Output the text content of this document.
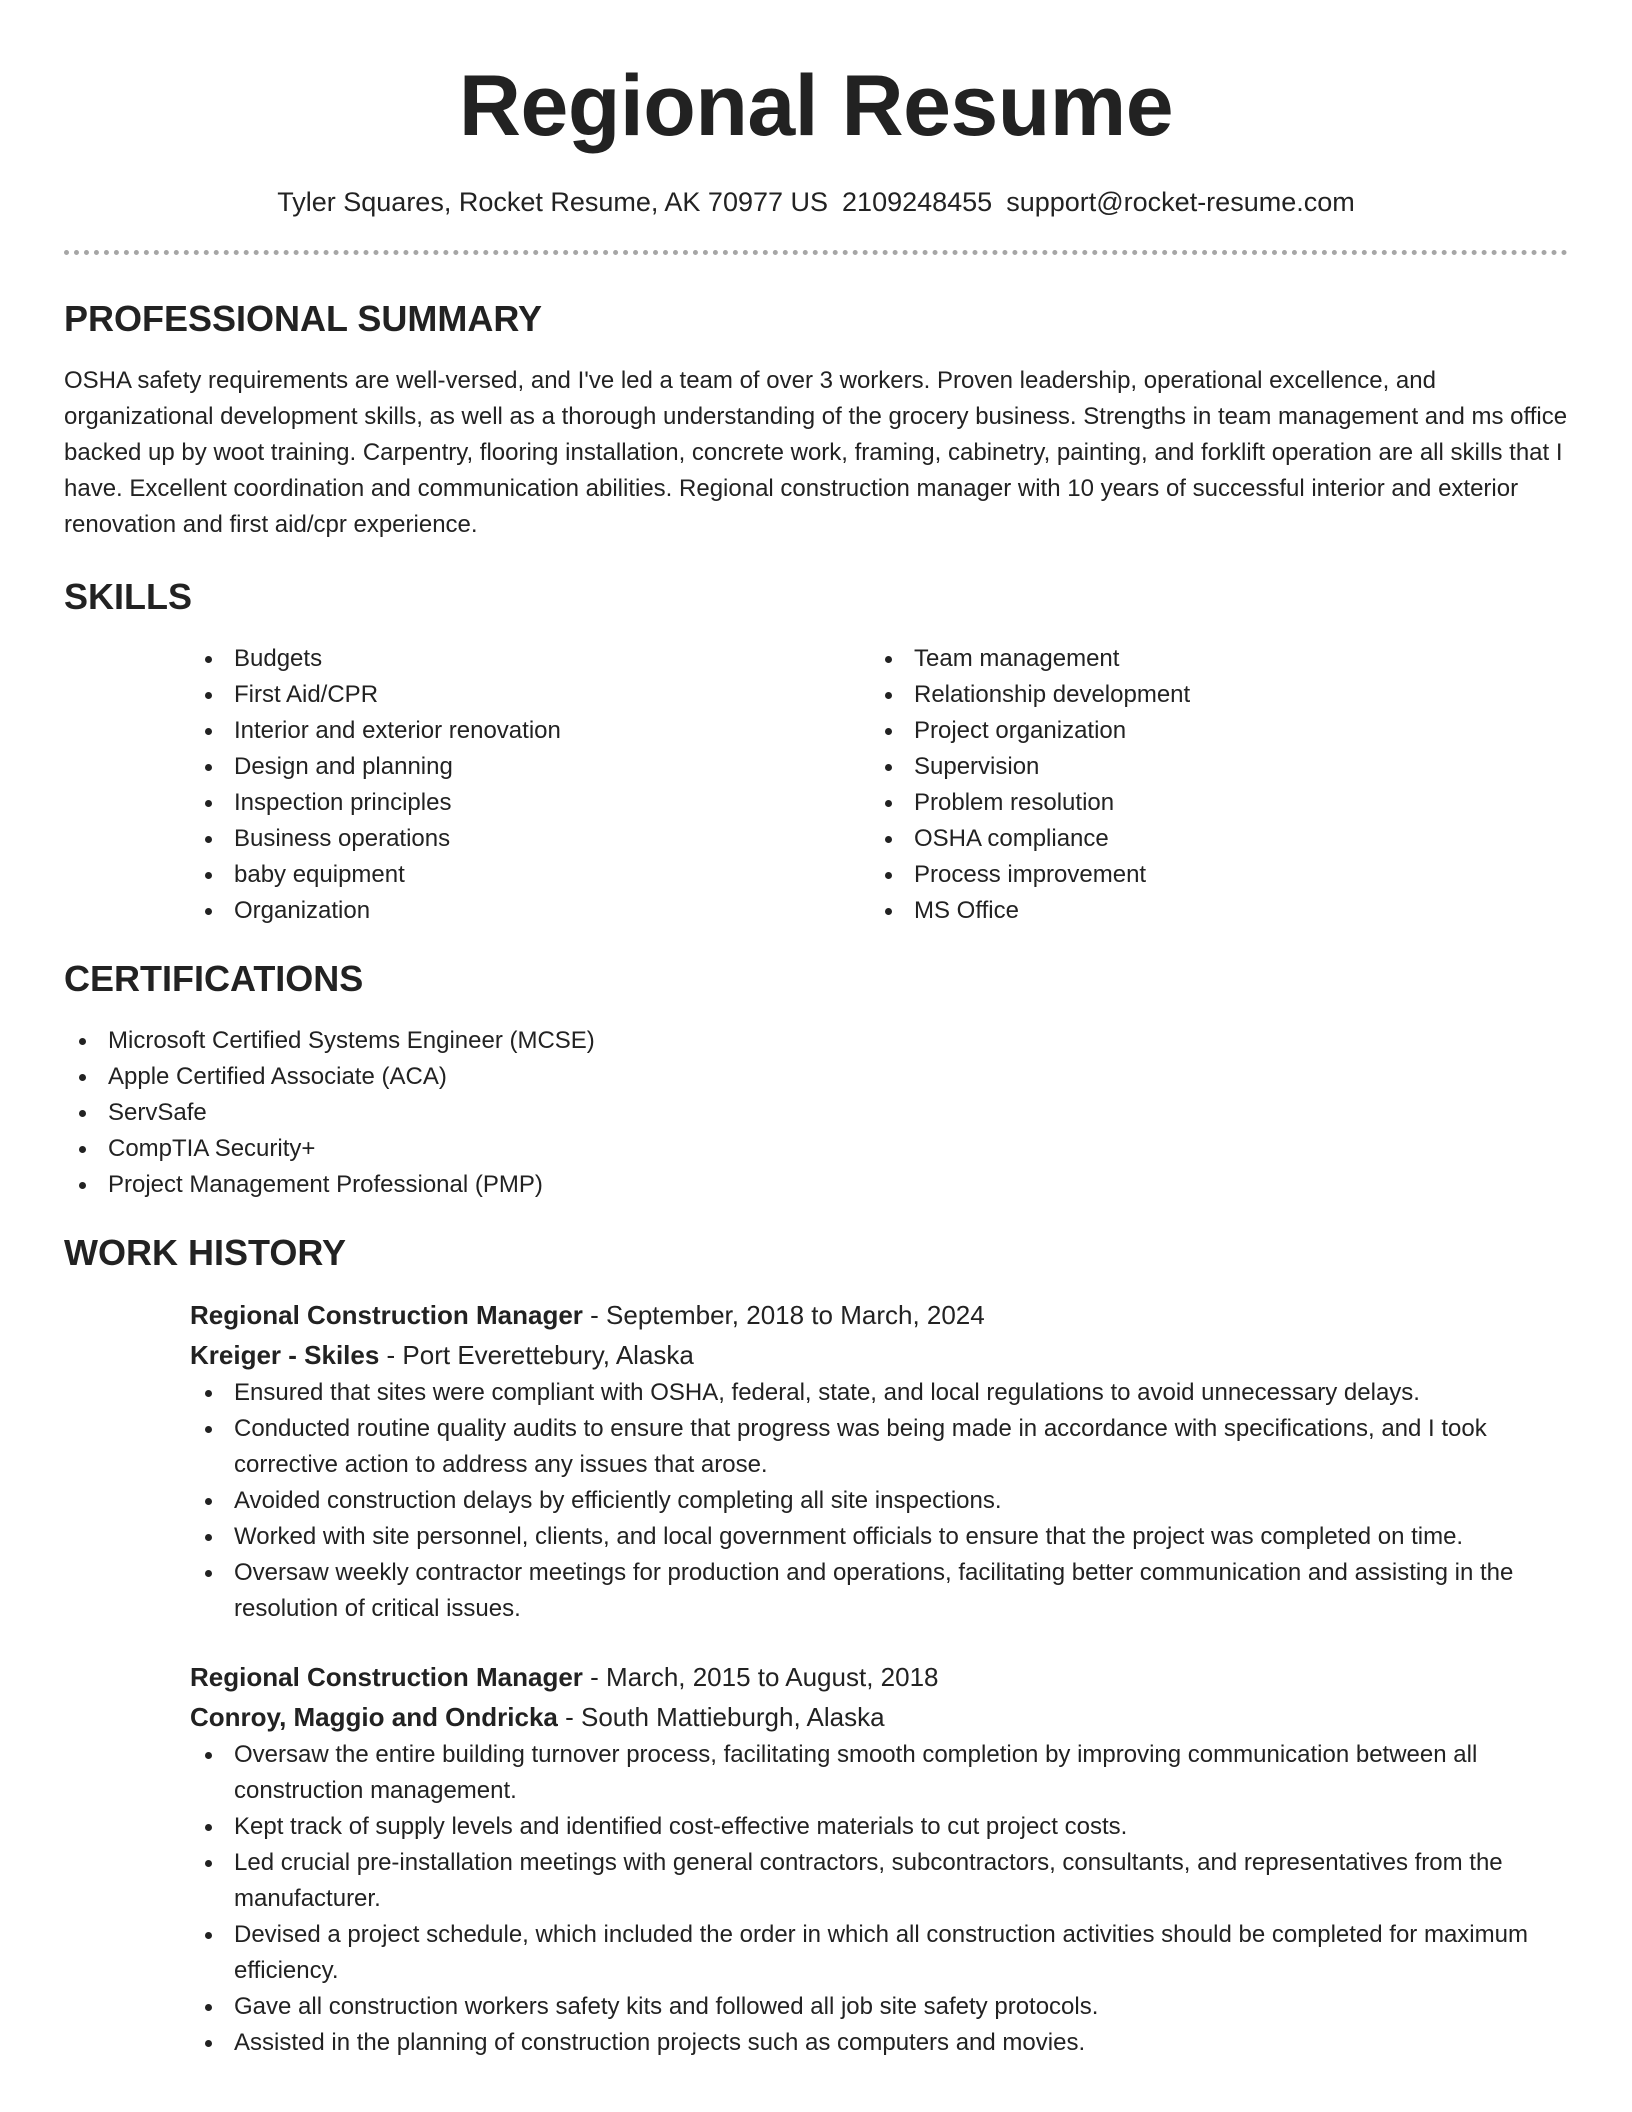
Regional Resume
Tyler Squares, Rocket Resume, AK 70977 US 2109248455 support@rocket-resume.com
PROFESSIONAL SUMMARY

OSHA safety requirements are well-versed, and I've led a team of over 3 workers. Proven leadership, operational excellence, and organizational development skills, as well as a thorough understanding of the grocery business. Strengths in team management and ms office backed up by woot training. Carpentry, flooring installation, concrete work, framing, cabinetry, painting, and forklift operation are all skills that I have. Excellent coordination and communication abilities. Regional construction manager with 10 years of successful interior and exterior renovation and first aid/cpr experience.

SKILLS
Budgets
First Aid/CPR
Interior and exterior renovation
Design and planning
Inspection principles
Business operations
baby equipment
Organization
Team management
Relationship development
Project organization
Supervision
Problem resolution
OSHA compliance
Process improvement
MS Office
CERTIFICATIONS
Microsoft Certified Systems Engineer (MCSE)
Apple Certified Associate (ACA)
ServSafe
CompTIA Security+
Project Management Professional (PMP)
WORK HISTORY
Regional Construction Manager - September, 2018 to March, 2024
Kreiger - Skiles - Port Everettebury, Alaska
Ensured that sites were compliant with OSHA, federal, state, and local regulations to avoid unnecessary delays.
Conducted routine quality audits to ensure that progress was being made in accordance with specifications, and I took corrective action to address any issues that arose.
Avoided construction delays by efficiently completing all site inspections.
Worked with site personnel, clients, and local government officials to ensure that the project was completed on time.
Oversaw weekly contractor meetings for production and operations, facilitating better communication and assisting in the resolution of critical issues.
Regional Construction Manager - March, 2015 to August, 2018
Conroy, Maggio and Ondricka - South Mattieburgh, Alaska
Oversaw the entire building turnover process, facilitating smooth completion by improving communication between all construction management.
Kept track of supply levels and identified cost-effective materials to cut project costs.
Led crucial pre-installation meetings with general contractors, subcontractors, consultants, and representatives from the manufacturer.
Devised a project schedule, which included the order in which all construction activities should be completed for maximum efficiency.
Gave all construction workers safety kits and followed all job site safety protocols.
Assisted in the planning of construction projects such as computers and movies.
